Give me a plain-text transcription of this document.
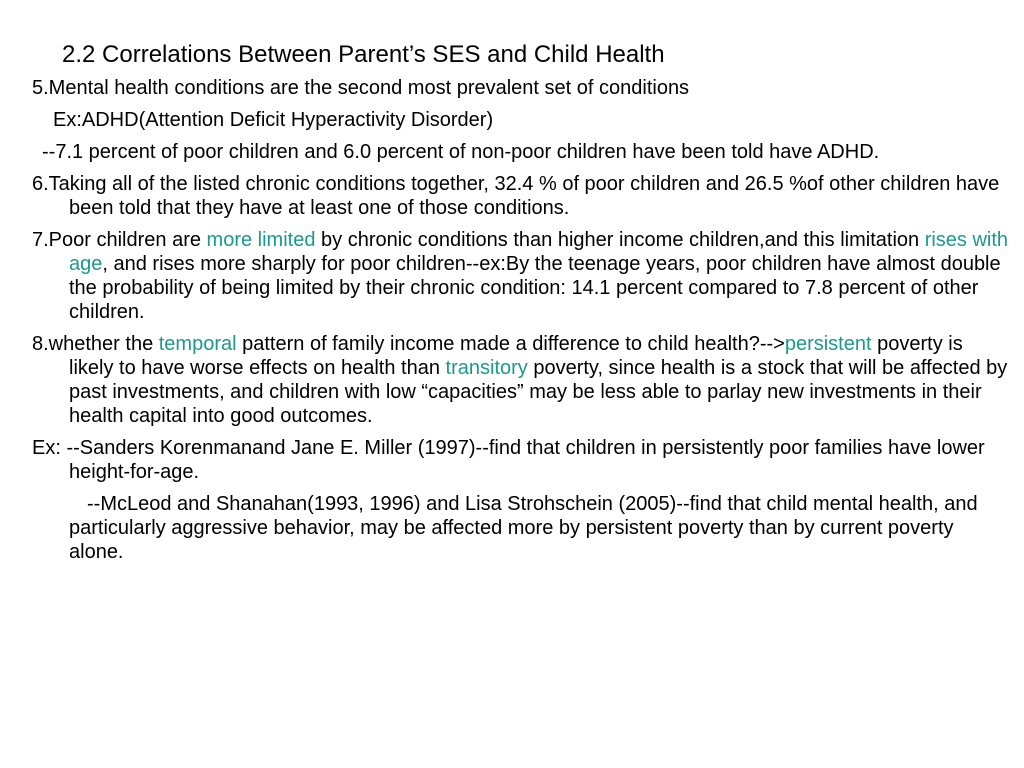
2.2 Correlations Between Parent’s SES and Child Health

5.Mental health conditions are the second most prevalent set of conditions

Ex:ADHD(Attention Deficit Hyperactivity Disorder)

--7.1 percent of poor children and 6.0 percent of non-poor children have been told have ADHD.

6.Taking all of the listed chronic conditions together, 32.4 % of poor children and 26.5 %of other children have been told that they have at least one of those conditions.

7.Poor children are more limited by chronic conditions than higher income children,and this limitation rises with age, and rises more sharply for poor children--ex:By the teenage years, poor children have almost double the probability of being limited by their chronic condition: 14.1 percent compared to 7.8 percent of other children.

8.whether the temporal pattern of family income made a difference to child health?-->persistent poverty is likely to have worse effects on health than transitory poverty, since health is a stock that will be affected by past investments, and children with low “capacities” may be less able to parlay new investments in their health capital into good outcomes.

Ex: --Sanders Korenmanand Jane E. Miller (1997)--find that children in persistently poor families have lower height-for-age.

--McLeod and Shanahan(1993, 1996) and Lisa Strohschein (2005)--find that child mental health, and particularly aggressive behavior, may be affected more by persistent poverty than by current poverty alone.
